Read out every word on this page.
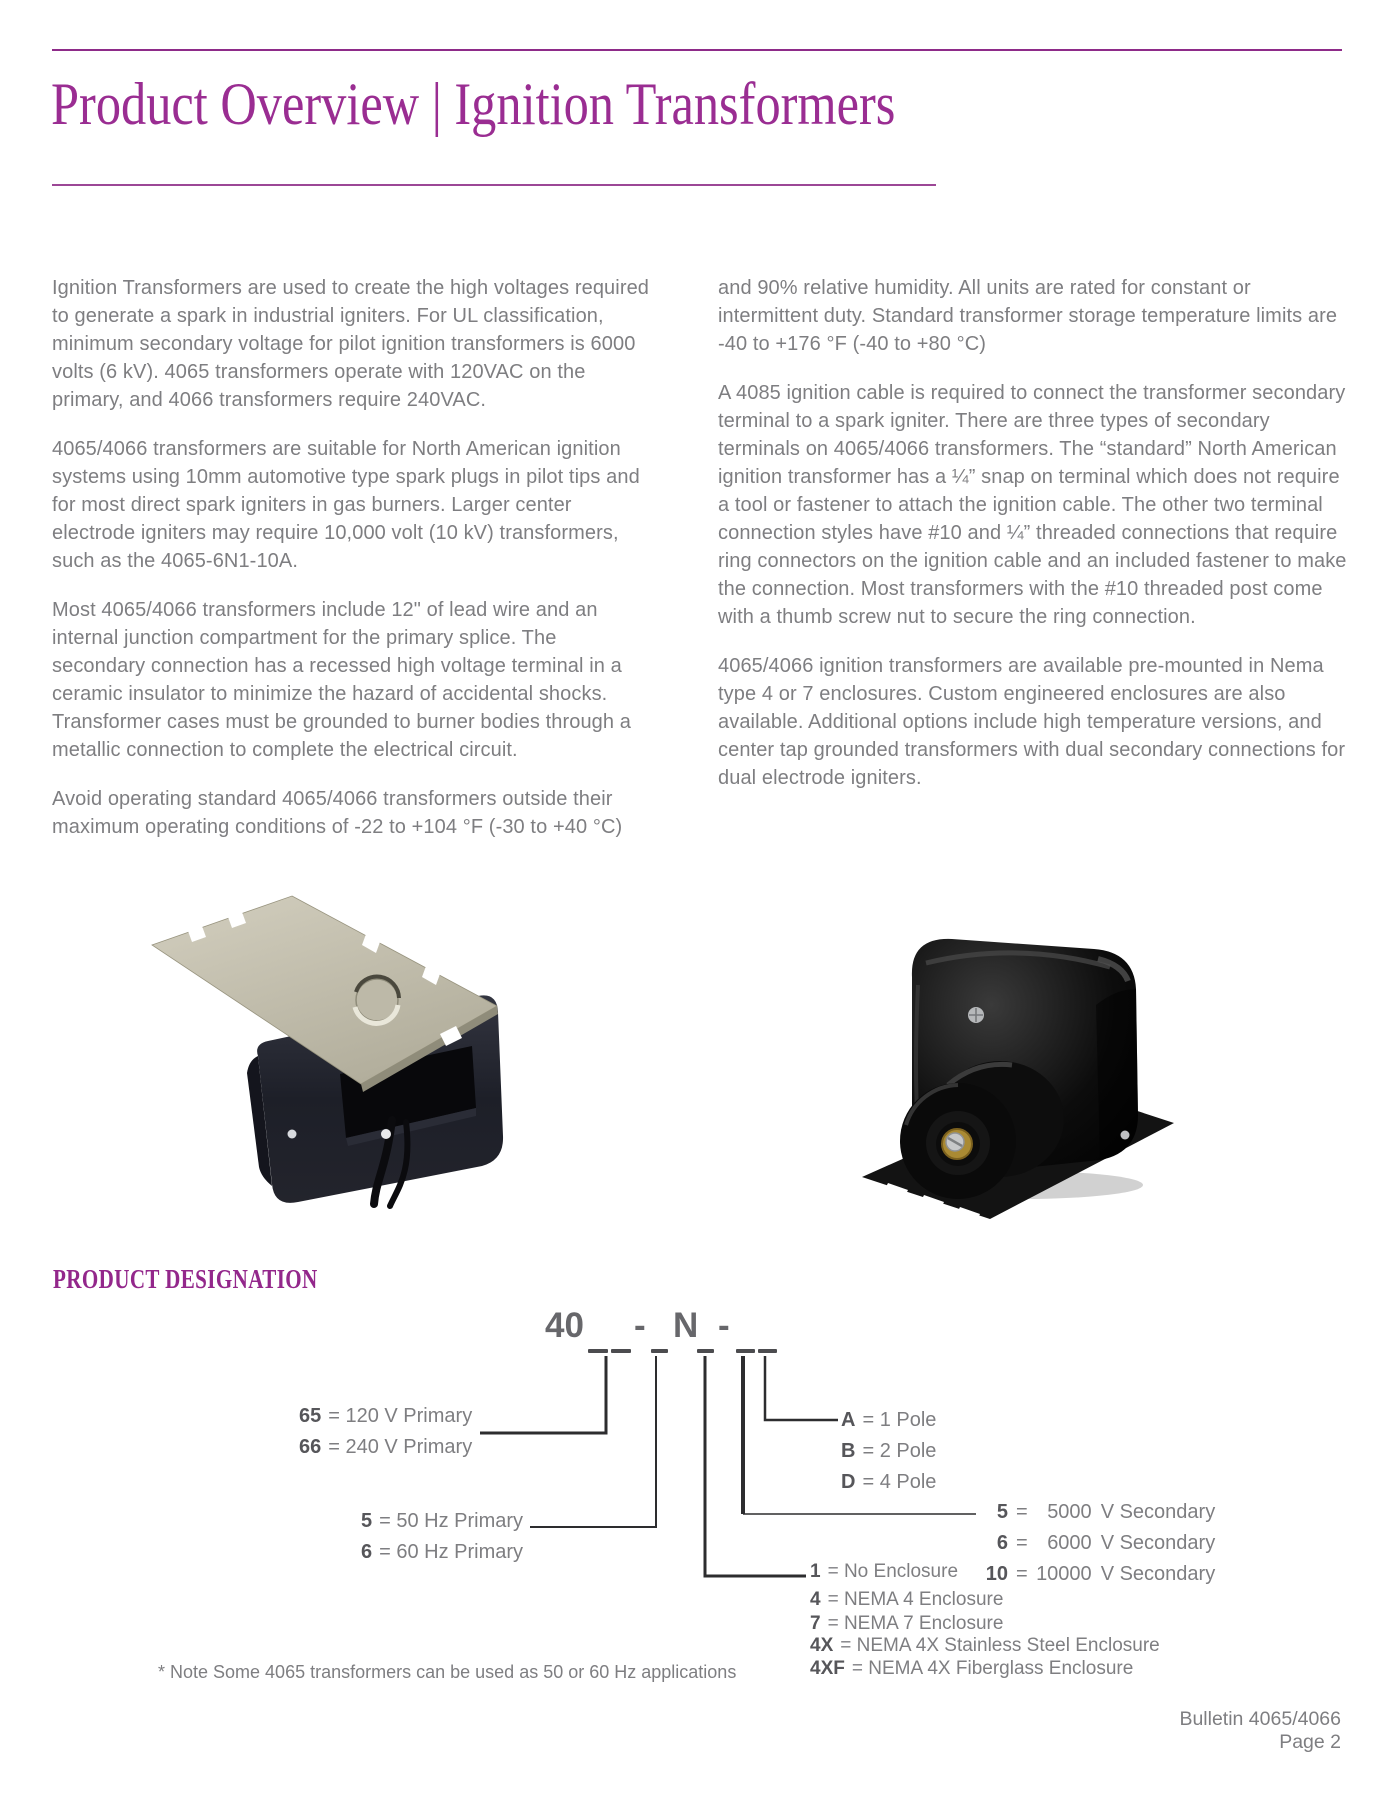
Product Overview | Ignition Transformers

Ignition Transformers are used to create the high voltages required to generate a spark in industrial igniters. For UL classification, minimum secondary voltage for pilot ignition transformers is 6000 volts (6 kV). 4065 transformers operate with 120VAC on the primary, and 4066 transformers require 240VAC.

4065/4066 transformers are suitable for North American ignition systems using 10mm automotive type spark plugs in pilot tips and for most direct spark igniters in gas burners. Larger center electrode igniters may require 10,000 volt (10 kV) transformers, such as the 4065-6N1-10A.

Most 4065/4066 transformers include 12" of lead wire and an internal junction compartment for the primary splice. The secondary connection has a recessed high voltage terminal in a ceramic insulator to minimize the hazard of accidental shocks. Transformer cases must be grounded to burner bodies through a metallic connection to complete the electrical circuit.

Avoid operating standard 4065/4066 transformers outside their maximum operating conditions of -22 to +104 °F (-30 to +40 °C)

and 90% relative humidity. All units are rated for constant or intermittent duty. Standard transformer storage temperature limits are -40 to +176 °F (-40 to +80 °C)

A 4085 ignition cable is required to connect the transformer secondary terminal to a spark igniter. There are three types of secondary terminals on 4065/4066 transformers. The “standard” North American ignition transformer has a ¼” snap on terminal which does not require a tool or fastener to attach the ignition cable. The other two terminal connection styles have #10 and ¼” threaded connections that require ring connectors on the ignition cable and an included fastener to make the connection. Most transformers with the #10 threaded post come with a thumb screw nut to secure the ring connection.

4065/4066 ignition transformers are available pre-mounted in Nema type 4 or 7 enclosures. Custom engineered enclosures are also available. Additional options include high temperature versions, and center tap grounded transformers with dual secondary connections for dual electrode igniters.

PRODUCT DESIGNATION
40 - N -
65 = 120 V Primary
66 = 240 V Primary
5 = 50 Hz Primary
6 = 60 Hz Primary
A = 1 Pole
B = 2 Pole
D = 4 Pole
5 = 5000 V Secondary
6 = 6000 V Secondary
10 = 10000 V Secondary
1 = No Enclosure
4 = NEMA 4 Enclosure
7 = NEMA 7 Enclosure
4X = NEMA 4X Stainless Steel Enclosure
4XF = NEMA 4X Fiberglass Enclosure
* Note Some 4065 transformers can be used as 50 or 60 Hz applications
Bulletin 4065/4066
Page 2
